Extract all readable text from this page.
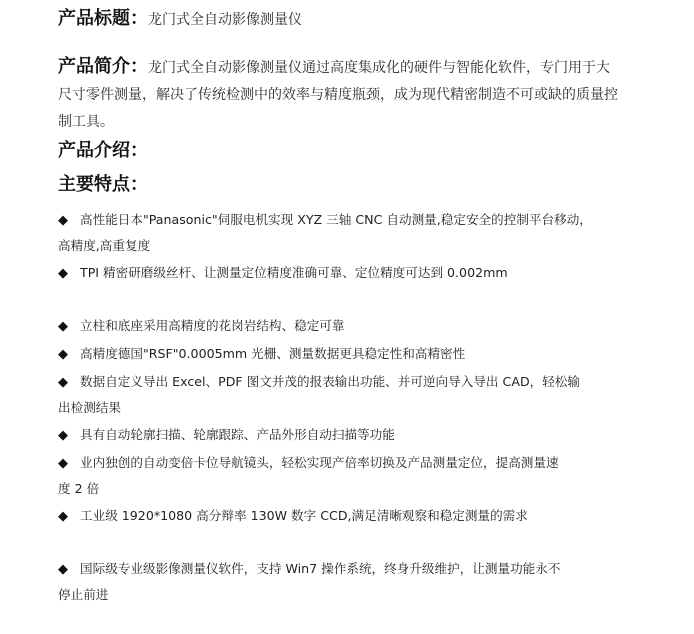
产品标题：龙门式全自动影像测量仪

产品简介：龙门式全自动影像测量仪通过高度集成化的硬件与智能化软件，专门用于大
尺寸零件测量，解决了传统检测中的效率与精度瓶颈，成为现代精密制造不可或缺的质量控
制工具。

产品介绍：

主要特点：

◆ 高性能日本"Panasonic"伺服电机实现 XYZ 三轴 CNC 自动测量,稳定安全的控制平台移动，
高精度,高重复度
◆ TPI 精密研磨级丝杆、让测量定位精度准确可靠、定位精度可达到 0.002mm
◆ 立柱和底座采用高精度的花岗岩结构、稳定可靠
◆ 高精度德国"RSF"0.0005mm 光栅、测量数据更具稳定性和高精密性
◆ 数据自定义导出 Excel、PDF 图文并茂的报表输出功能、并可逆向导入导出 CAD，轻松输
出检测结果
◆ 具有自动轮廓扫描、轮廓跟踪、产品外形自动扫描等功能
◆ 业内独创的自动变倍卡位导航镜头，轻松实现产倍率切换及产品测量定位，提高测量速
度 2 倍
◆ 工业级 1920*1080 高分辩率 130W 数字 CCD,满足清晰观察和稳定测量的需求
◆ 国际级专业级影像测量仪软件，支持 Win7 操作系统，终身升级维护，让测量功能永不
停止前进
